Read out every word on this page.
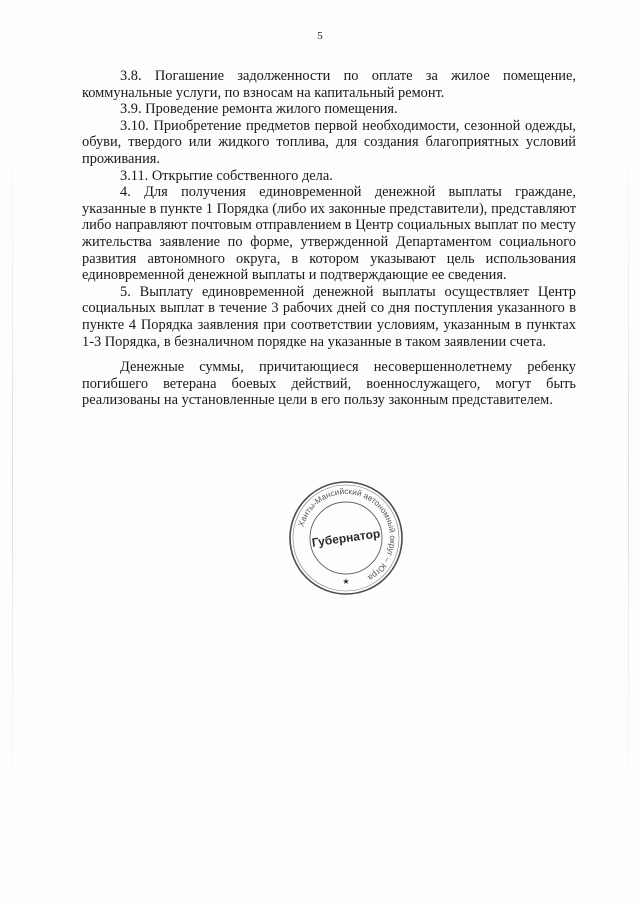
5

3.8. Погашение задолженности по оплате за жилое помещение, коммунальные услуги, по взносам на капитальный ремонт.

3.9. Проведение ремонта жилого помещения.

3.10. Приобретение предметов первой необходимости, сезонной одежды, обуви, твердого или жидкого топлива, для создания благоприятных условий проживания.

3.11. Открытие собственного дела.

4. Для получения единовременной денежной выплаты граждане, указанные в пункте 1 Порядка (либо их законные представители), представляют либо направляют почтовым отправлением в Центр социальных выплат по месту жительства заявление по форме, утвержденной Департаментом социального развития автономного округа, в котором указывают цель использования единовременной денежной выплаты и подтверждающие ее сведения.

5. Выплату единовременной денежной выплаты осуществляет Центр социальных выплат в течение 3 рабочих дней со дня поступления указанного в пункте 4 Порядка заявления при соответствии условиям, указанным в пунктах 1-3 Порядка, в безналичном порядке на указанные в таком заявлении счета.

Денежные суммы, причитающиеся несовершеннолетнему ребенку погибшего ветерана боевых действий, военнослужащего, могут быть реализованы на установленные цели в его пользу законным представителем.

Ханты-Мансийский автономный округ – Югра
Губернатор
★
